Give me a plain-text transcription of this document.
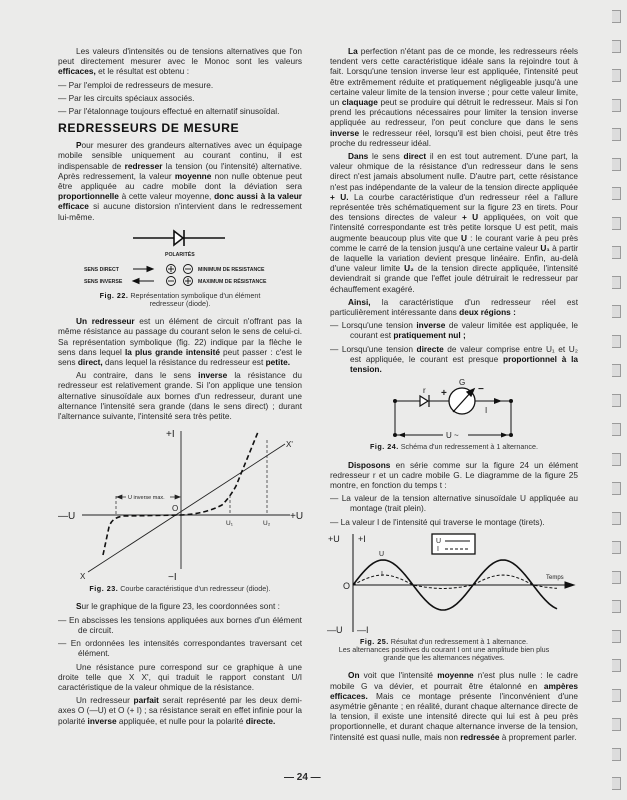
Les valeurs d'intensités ou de tensions alternatives que l'on peut directement mesurer avec le Monoc sont les valeurs efficaces, et le résultat est obtenu :
— Par l'emploi de redresseurs de mesure.
— Par les circuits spéciaux associés.
— Par l'étalonnage toujours effectué en alternatif sinusoïdal.
REDRESSEURS DE MESURE
Pour mesurer des grandeurs alternatives avec un équipage mobile sensible uniquement au courant continu, il est indispensable de redresser la tension (ou l'intensité) alternative. Après redressement, la valeur moyenne non nulle obtenue peut être appliquée au cadre mobile dont la déviation sera proportionnelle à cette valeur moyenne, donc aussi à la valeur efficace si aucune distorsion n'intervient dans le redressement lui-même.
POLARITÉS
SENS DIRECT
SENS INVERSE
MINIMUM DE RESISTANCE
MAXIMUM DE RÉSISTANCE
Fig. 22. Représentation symbolique d'un élément redresseur (diode).
Un redresseur est un élément de circuit n'offrant pas la même résistance au passage du courant selon le sens de celui-ci. Sa représentation symbolique (fig. 22) indique par la flèche le sens dans lequel la plus grande intensité peut passer : c'est le sens direct, dans lequel la résistance du redresseur est petite.
Au contraire, dans le sens inverse la résistance du redresseur est relativement grande. Si l'on applique une tension alternative sinusoïdale aux bornes d'un redresseur, durant une alternance l'intensité sera grande (dans le sens direct) ; durant l'alternance suivante, l'intensité sera très petite.
U inverse max.
+I
−I
—U	+U
O
X
X'
U₁	U₂
Fig. 23. Courbe caractéristique d'un redresseur (diode).
Sur le graphique de la figure 23, les coordonnées sont :
— En abscisses les tensions appliquées aux bornes d'un élément de circuit.
— En ordonnées les intensités correspondantes traversant cet élément.
Une résistance pure correspond sur ce graphique à une droite telle que X X', qui traduit le rapport constant U/I caractéristique de la valeur ohmique de la résistance.
Un redresseur parfait serait représenté par les deux demi-axes O (—U) et O (+ I) ; sa résistance serait en effet infinie pour la polarité inverse appliquée, et nulle pour la polarité directe.
La perfection n'étant pas de ce monde, les redresseurs réels tendent vers cette caractéristique idéale sans la rejoindre tout à fait. Lorsqu'une tension inverse leur est appliquée, l'intensité peut être extrêmement réduite et pratiquement négligeable jusqu'à une certaine valeur limite de la tension inverse ; pour cette valeur limite, un claquage peut se produire qui détruit le redresseur. Mais si l'on prend les précautions nécessaires pour limiter la tension inverse appliquée au redresseur, l'on peut conclure que dans le sens inverse le redresseur réel, lorsqu'il est bien choisi, peut être très proche du redresseur idéal.
Dans le sens direct il en est tout autrement. D'une part, la valeur ohmique de la résistance d'un redresseur dans le sens direct n'est jamais absolument nulle. D'autre part, cette résistance n'est pas indépendante de la valeur de la tension directe appliquée + U. La courbe caractéristique d'un redresseur réel a l'allure représentée très schématiquement sur la figure 23 en tirets. Pour des tensions directes de valeur + U appliquées, on voit que l'intensité correspondante est très petite lorsque U est petit, mais augmente beaucoup plus vite que U : le courant varie à peu près comme le carré de la tension jusqu'à une certaine valeur U₁ à partir de laquelle la variation devient presque linéaire. Enfin, au-delà d'une valeur limite U₂ de la tension directe appliquée, l'intensité deviendrait si grande que l'effet joule détruirait le redresseur par échauffement exagéré.
Ainsi, la caractéristique d'un redresseur réel est particulièrement intéressante dans deux régions :
— Lorsqu'une tension inverse de valeur limitée est appliquée, le courant est pratiquement nul ;
— Lorsqu'une tension directe de valeur comprise entre U₁ et U₂ est appliquée, le courant est presque proportionnel à la tension.
r
G
+	−
I
U ~
Fig. 24. Schéma d'un redressement à 1 alternance.
Disposons en série comme sur la figure 24 un élément redresseur r et un cadre mobile G. Le diagramme de la figure 25 montre, en fonction du temps t :
— La valeur de la tension alternative sinusoïdale U appliquée au montage (trait plein).
— La valeur I de l'intensité qui traverse le montage (tirets).
U
I
+U +I
—U —I
O
U
I	Temps
Fig. 25. Résultat d'un redressement à 1 alternance.
Les alternances positives du courant I ont une amplitude bien plus grande que les alternances négatives.
On voit que l'intensité moyenne n'est plus nulle : le cadre mobile G va dévier, et pourrait être étalonné en ampères efficaces. Mais ce montage présente l'inconvénient d'une asymétrie gênante ; en réalité, durant chaque alternance directe de la tension, il existe une intensité directe qui lui est à peu près proportionnelle, et durant chaque alternance inverse de la tension, l'intensité est quasi nulle, mais non redressée à proprement parler.
— 24 —
